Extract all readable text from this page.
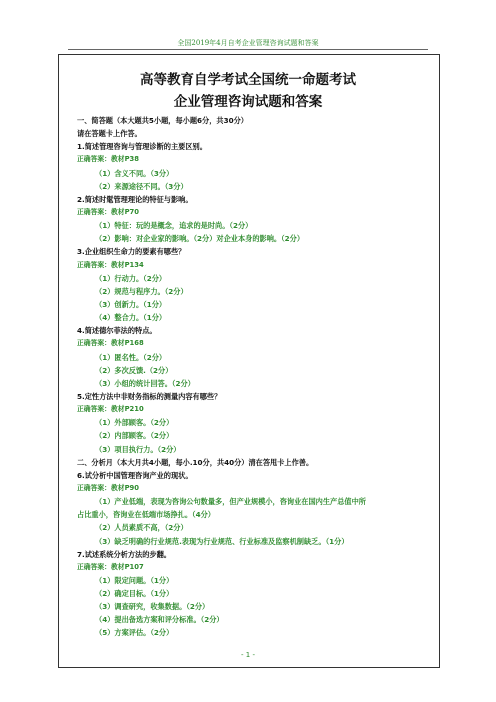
全国2019年4月自考企业管理咨询试题和答案
高等教育自学考试全国统一命题考试
企业管理咨询试题和答案
一、简答题（本大题共5小题，每小题6分，共30分）
请在答题卡上作答。
1.简述管理咨询与管理诊断的主要区别。
正确答案：教材P38
（1）含义不同。（3分）
（2）来源途径不同。（3分）
2.简述时髦管理理论的特征与影响。
正确答案：教材P70
（1）特征：玩的是概念，追求的是时尚。（2分）
（2）影响：对企业家的影响。（2分）对企业本身的影响。（2分）
3.企业组织生命力的要素有哪些？
正确答案：教材P134
（1）行动力。（2分）
（2）规范与程序力。（2分）
（3）创新力。（1分）
（4）整合力。（1分）
4.简述德尔菲法的特点。
正确答案：教材P168
（1）匿名性。（2分）
（2）多次反馈.（2分）
（3）小组的统计回答。（2分）
5.定性方法中非财务指标的测量内容有哪些？
正确答案：教材P210
（1）外部顾客。（2分）
（2）内部顾客。（2分）
（3）项目执行力。（2分）
二、分析月（本大月共4小题，每小.10分，共40分）清在答甩卡上作善。
6.试分析中国管理咨询产业的现状。
正确答案：教材P90
（1）产业低端，表现为咨询公句数量多，但产业规模小，咨询业在国内生产总值中所
占比重小，咨询业在低端市场挣扎。（4分）
（2）人员素质不高，（2分）
（3）缺乏明确的行业规范.表现为行业规范、行业标准及监察机制缺乏。（1分）
7.试述系统分析方法的步翻。
正确答案：教材P107
（1）限定问题。（1分）
（2）确定目标。（1分）
（3）调查研究，收集数据。（2分）
（4）提出备选方案和评分标准。（2分）
（5）方案评估。（2分）
- 1 -
